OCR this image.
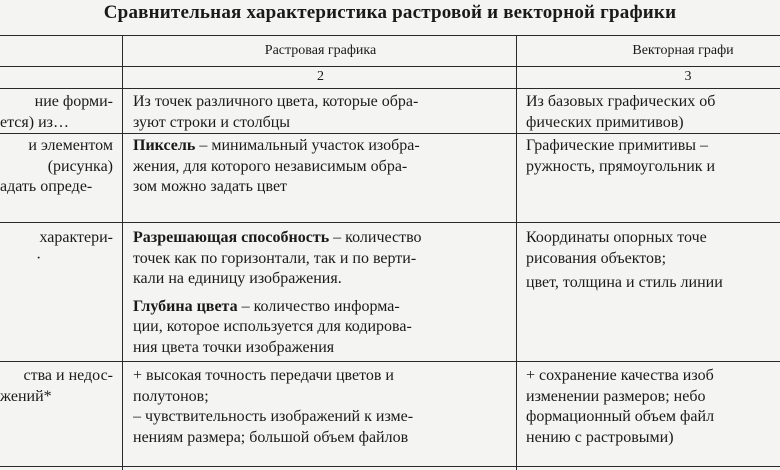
Сравнительная характеристика растровой и векторной графики
Растровая графика	Векторная графи
2	3
ние форми-
ется) из…
Из точек различного цвета, которые обра-
зуют строки и столбцы
Из базовых графических об
фических примитивов)
и элементом
(рисунка)
адать опреде-
Пиксель – минимальный участок изобра-
жения, для которого независимым обра-
зом можно задать цвет
Графические примитивы –
ружность, прямоугольник и
характери-
·
Разрешающая способность – количество
точек как по горизонтали, так и по верти-
кали на единицу изображения.
Глубина цвета – количество информа-
ции, которое используется для кодирова-
ния цвета точки изображения
Координаты опорных точе
рисования объектов;
цвет, толщина и стиль линии
ства и недос-
жений*
+ высокая точность передачи цветов и
полутонов;
– чувствительность изображений к изме-
нениям размера; большой объем файлов
+ сохранение качества изоб
изменении размеров; небо
формационный объем файл
нению с растровыми)
